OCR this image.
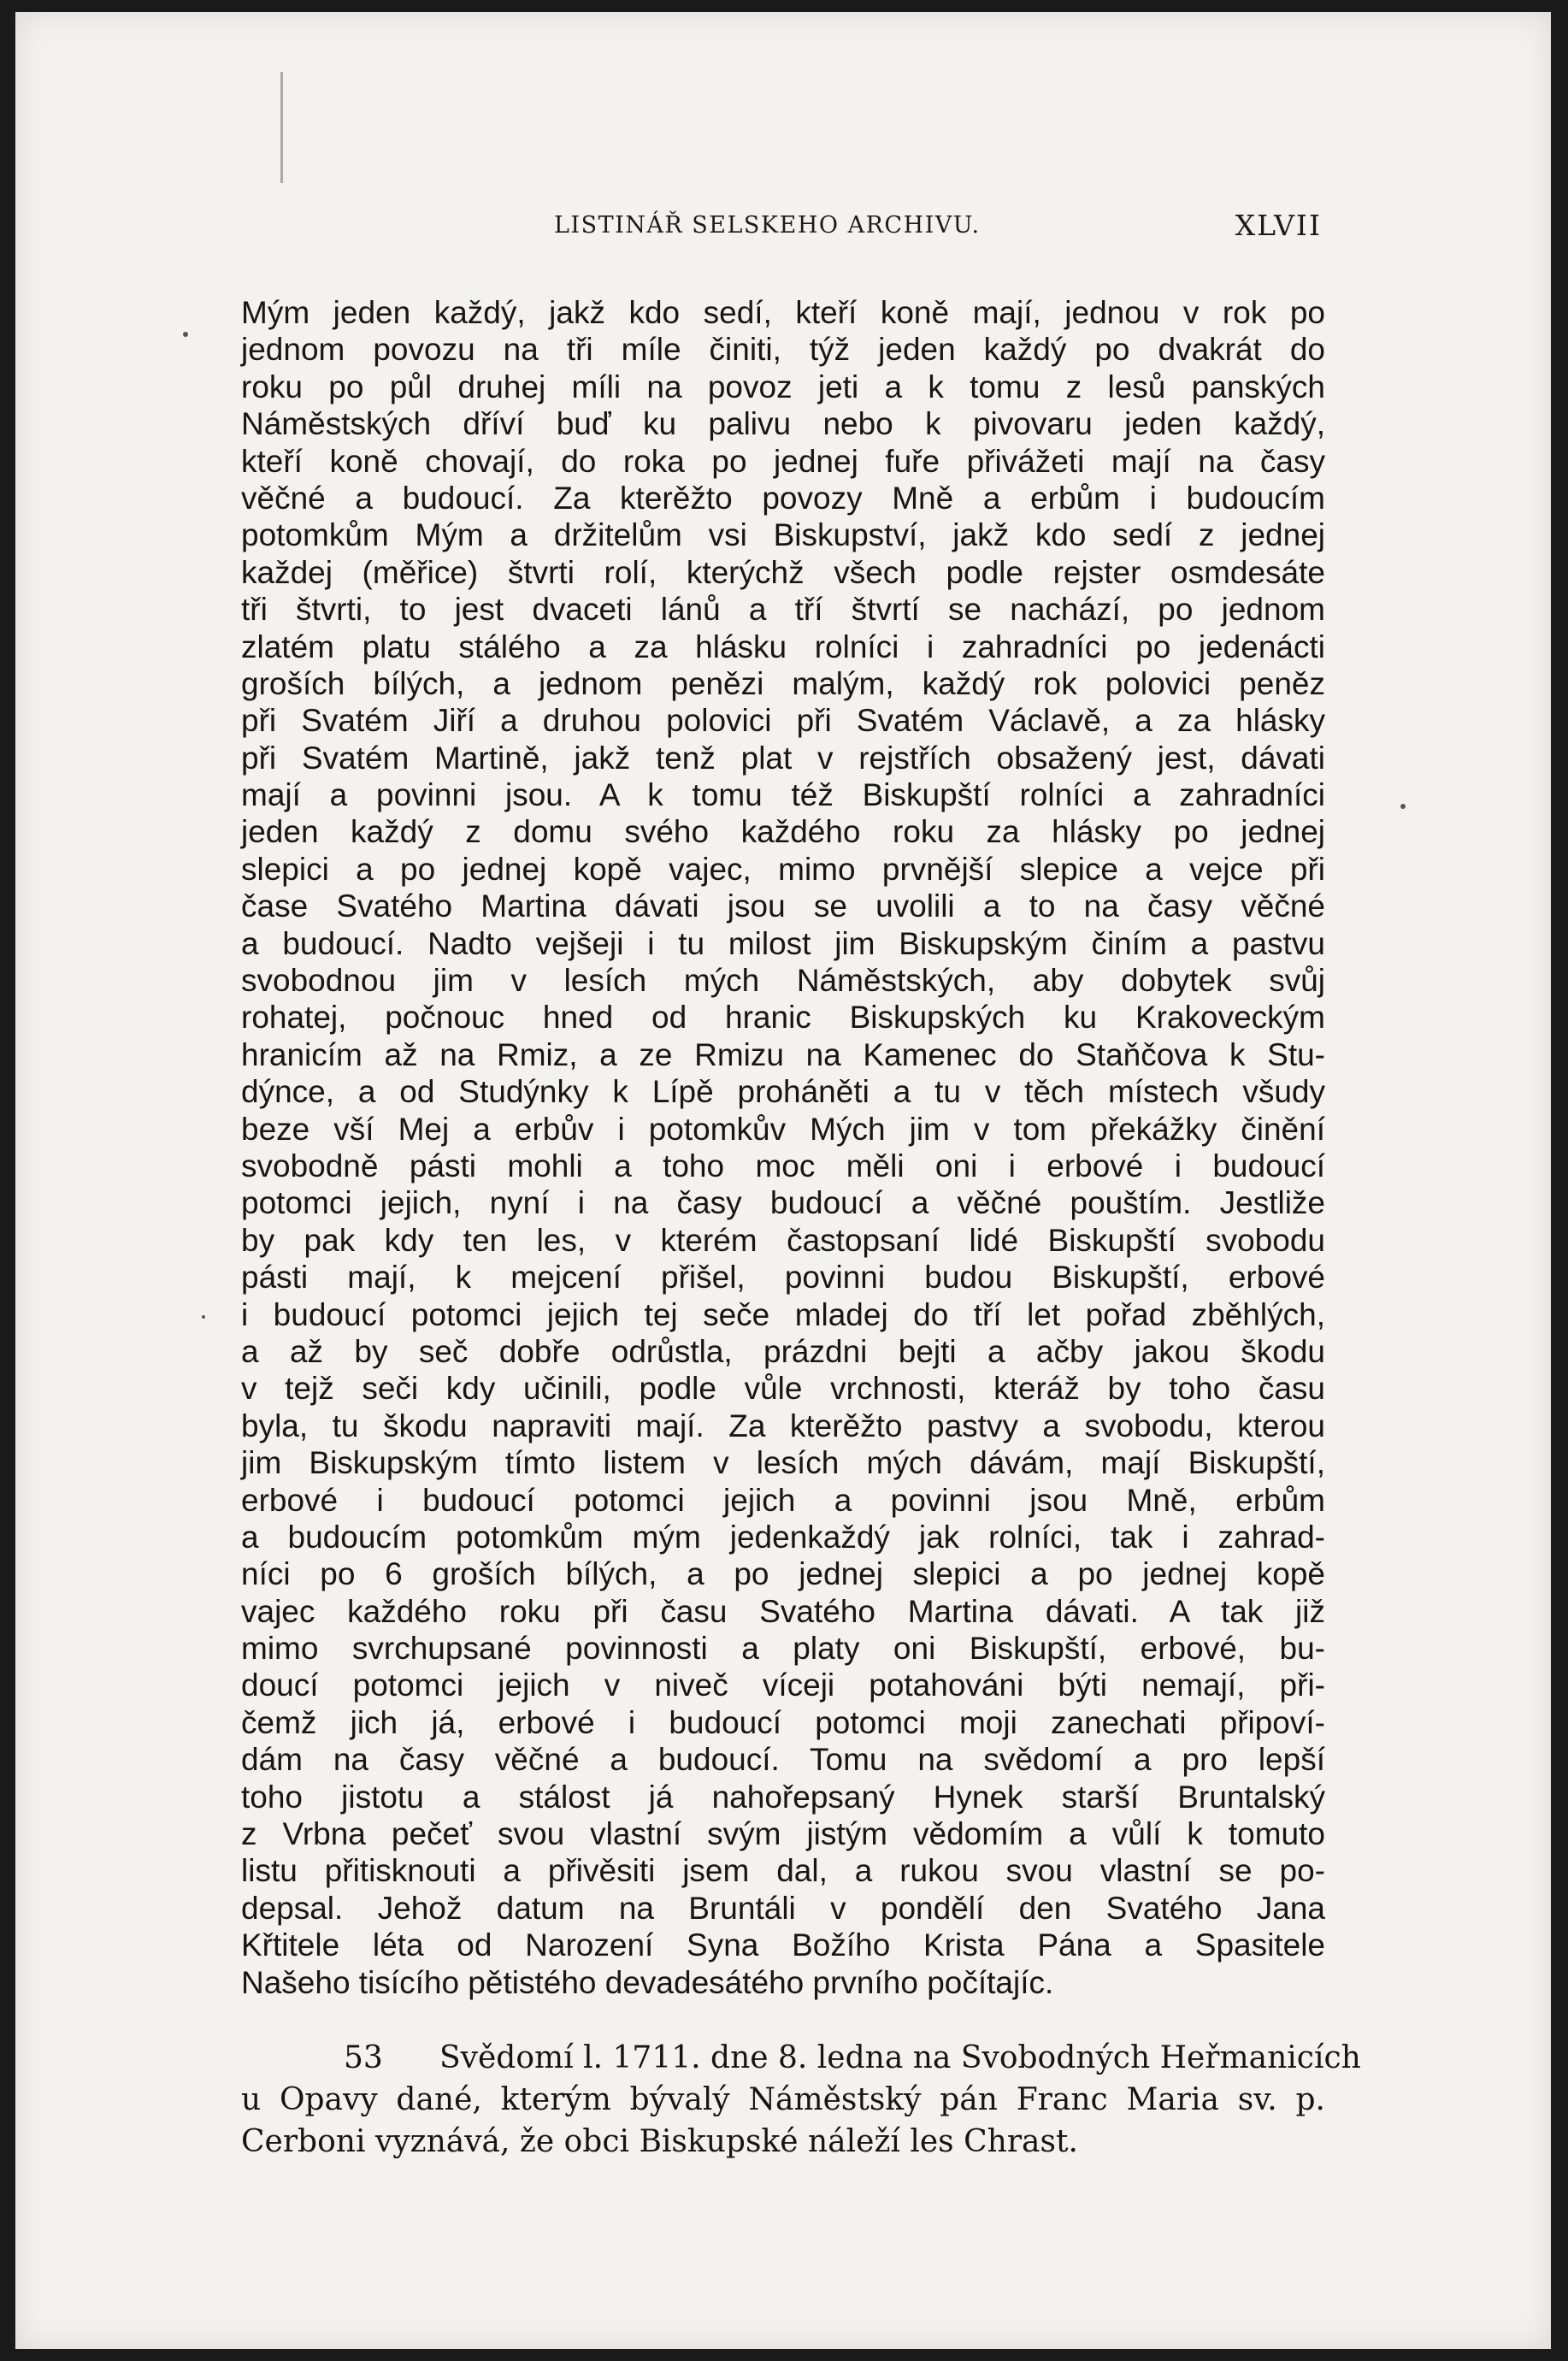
LISTINÁŘ SELSKEHO ARCHIVU.	XLVII
Mým jeden každý, jakž kdo sedí, kteří koně mají, jednou v rok po
jednom povozu na tři míle činiti, týž jeden každý po dvakrát do
roku po půl druhej míli na povoz jeti a k tomu z lesů panských
Náměstských dříví buď ku palivu nebo k pivovaru jeden každý,
kteří koně chovají, do roka po jednej fuře přivážeti mají na časy
věčné a budoucí. Za kterěžto povozy Mně a erbům i budoucím
potomkům Mým a držitelům vsi Biskupství, jakž kdo sedí z jednej
každej (měřice) štvrti rolí, kterýchž všech podle rejster osmdesáte
tři štvrti, to jest dvaceti lánů a tří štvrtí se nachází, po jednom
zlatém platu stálého a za hlásku rolníci i zahradníci po jedenácti
groších bílých, a jednom penězi malým, každý rok polovici peněz
při Svatém Jiří a druhou polovici při Svatém Václavě, a za hlásky
při Svatém Martině, jakž tenž plat v rejstřích obsažený jest, dávati
mají a povinni jsou. A k tomu též Biskupští rolníci a zahradníci
jeden každý z domu svého každého roku za hlásky po jednej
slepici a po jednej kopě vajec, mimo prvnější slepice a vejce při
čase Svatého Martina dávati jsou se uvolili a to na časy věčné
a budoucí. Nadto vejšeji i tu milost jim Biskupským činím a pastvu
svobodnou jim v lesích mých Náměstských, aby dobytek svůj
rohatej, počnouc hned od hranic Biskupských ku Krakoveckým
hranicím až na Rmiz, a ze Rmizu na Kamenec do Staňčova k Stu-
dýnce, a od Studýnky k Lípě proháněti a tu v těch místech všudy
beze vší Mej a erbův i potomkův Mých jim v tom překážky činění
svobodně pásti mohli a toho moc měli oni i erbové i budoucí
potomci jejich, nyní i na časy budoucí a věčné pouštím. Jestliže
by pak kdy ten les, v kterém častopsaní lidé Biskupští svobodu
pásti mají, k mejcení přišel, povinni budou Biskupští, erbové
i budoucí potomci jejich tej seče mladej do tří let pořad zběhlých,
a až by seč dobře odrůstla, prázdni bejti a ačby jakou škodu
v tejž seči kdy učinili, podle vůle vrchnosti, kteráž by toho času
byla, tu škodu napraviti mají. Za kterěžto pastvy a svobodu, kterou
jim Biskupským tímto listem v lesích mých dávám, mají Biskupští,
erbové i budoucí potomci jejich a povinni jsou Mně, erbům
a budoucím potomkům mým jedenkaždý jak rolníci, tak i zahrad-
níci po 6 groších bílých, a po jednej slepici a po jednej kopě
vajec každého roku při času Svatého Martina dávati. A tak již
mimo svrchupsané povinnosti a platy oni Biskupští, erbové, bu-
doucí potomci jejich v niveč víceji potahováni býti nemají, při-
čemž jich já, erbové i budoucí potomci moji zanechati připoví-
dám na časy věčné a budoucí. Tomu na svědomí a pro lepší
toho jistotu a stálost já nahořepsaný Hynek starší Bruntalský
z Vrbna pečeť svou vlastní svým jistým vědomím a vůlí k tomuto
listu přitisknouti a přivěsiti jsem dal, a rukou svou vlastní se po-
depsal. Jehož datum na Bruntáli v pondělí den Svatého Jana
Křtitele léta od Narození Syna Božího Krista Pána a Spasitele
Našeho tisícího pětistého devadesátého prvního počítajíc.
53 Svědomí l. 1711. dne 8. ledna na Svobodných Heřmanicích
u Opavy dané, kterým bývalý Náměstský pán Franc Maria sv. p.
Cerboni vyznává, že obci Biskupské náleží les Chrast.
